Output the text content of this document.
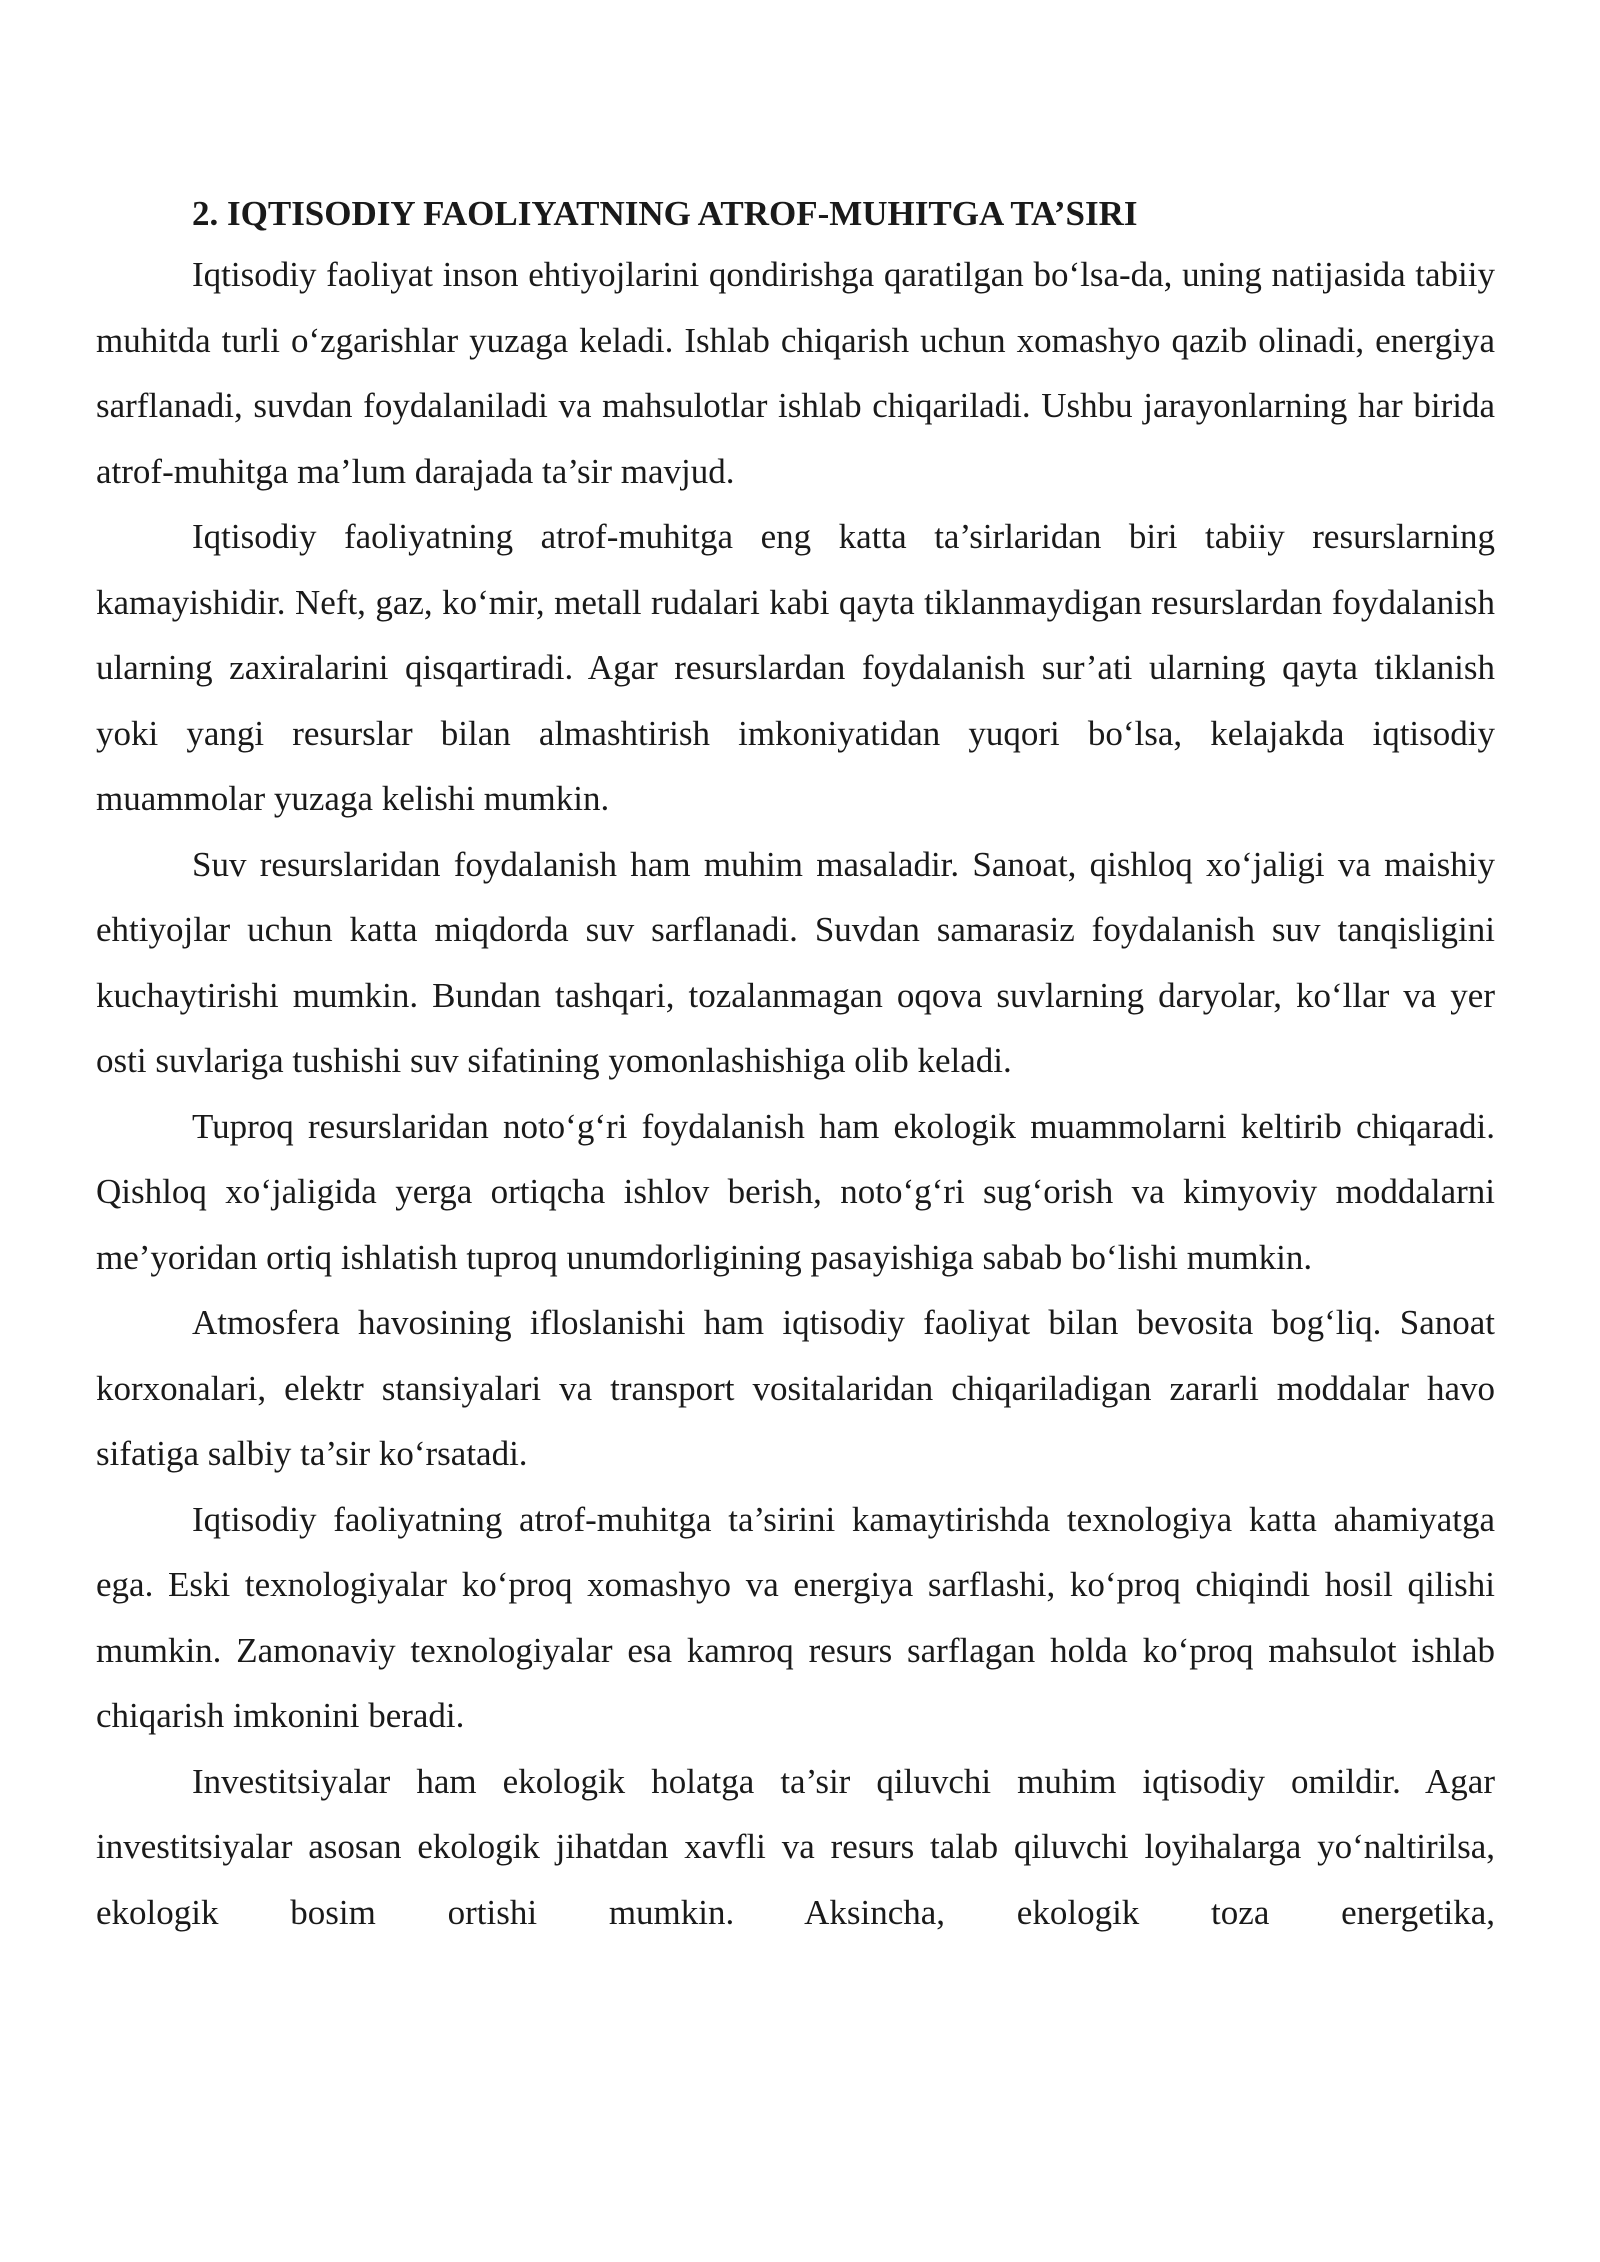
2. IQTISODIY FAOLIYATNING ATROF-MUHITGA TA’SIRI

Iqtisodiy faoliyat inson ehtiyojlarini qondirishga qaratilgan bo‘lsa-da, uning natijasida tabiiy muhitda turli o‘zgarishlar yuzaga keladi. Ishlab chiqarish uchun xomashyo qazib olinadi, energiya sarflanadi, suvdan foydalaniladi va mahsulotlar ishlab chiqariladi. Ushbu jarayonlarning har birida atrof-muhitga ma’lum darajada ta’sir mavjud.

Iqtisodiy faoliyatning atrof-muhitga eng katta ta’sirlaridan biri tabiiy resurslarning kamayishidir. Neft, gaz, ko‘mir, metall rudalari kabi qayta tiklanmaydigan resurslardan foydalanish ularning zaxiralarini qisqartiradi. Agar resurslardan foydalanish sur’ati ularning qayta tiklanish yoki yangi resurslar bilan almashtirish imkoniyatidan yuqori bo‘lsa, kelajakda iqtisodiy muammolar yuzaga kelishi mumkin.

Suv resurslaridan foydalanish ham muhim masaladir. Sanoat, qishloq xo‘jaligi va maishiy ehtiyojlar uchun katta miqdorda suv sarflanadi. Suvdan samarasiz foydalanish suv tanqisligini kuchaytirishi mumkin. Bundan tashqari, tozalanmagan oqova suvlarning daryolar, ko‘llar va yer osti suvlariga tushishi suv sifatining yomonlashishiga olib keladi.

Tuproq resurslaridan noto‘g‘ri foydalanish ham ekologik muammolarni keltirib chiqaradi. Qishloq xo‘jaligida yerga ortiqcha ishlov berish, noto‘g‘ri sug‘orish va kimyoviy moddalarni me’yoridan ortiq ishlatish tuproq unumdorligining pasayishiga sabab bo‘lishi mumkin.

Atmosfera havosining ifloslanishi ham iqtisodiy faoliyat bilan bevosita bog‘liq. Sanoat korxonalari, elektr stansiyalari va transport vositalaridan chiqariladigan zararli moddalar havo sifatiga salbiy ta’sir ko‘rsatadi.

Iqtisodiy faoliyatning atrof-muhitga ta’sirini kamaytirishda texnologiya katta ahamiyatga ega. Eski texnologiyalar ko‘proq xomashyo va energiya sarflashi, ko‘proq chiqindi hosil qilishi mumkin. Zamonaviy texnologiyalar esa kamroq resurs sarflagan holda ko‘proq mahsulot ishlab chiqarish imkonini beradi.

Investitsiyalar ham ekologik holatga ta’sir qiluvchi muhim iqtisodiy omildir. Agar investitsiyalar asosan ekologik jihatdan xavfli va resurs talab qiluvchi loyihalarga yo‘naltirilsa, ekologik bosim ortishi mumkin. Aksincha, ekologik toza energetika,
